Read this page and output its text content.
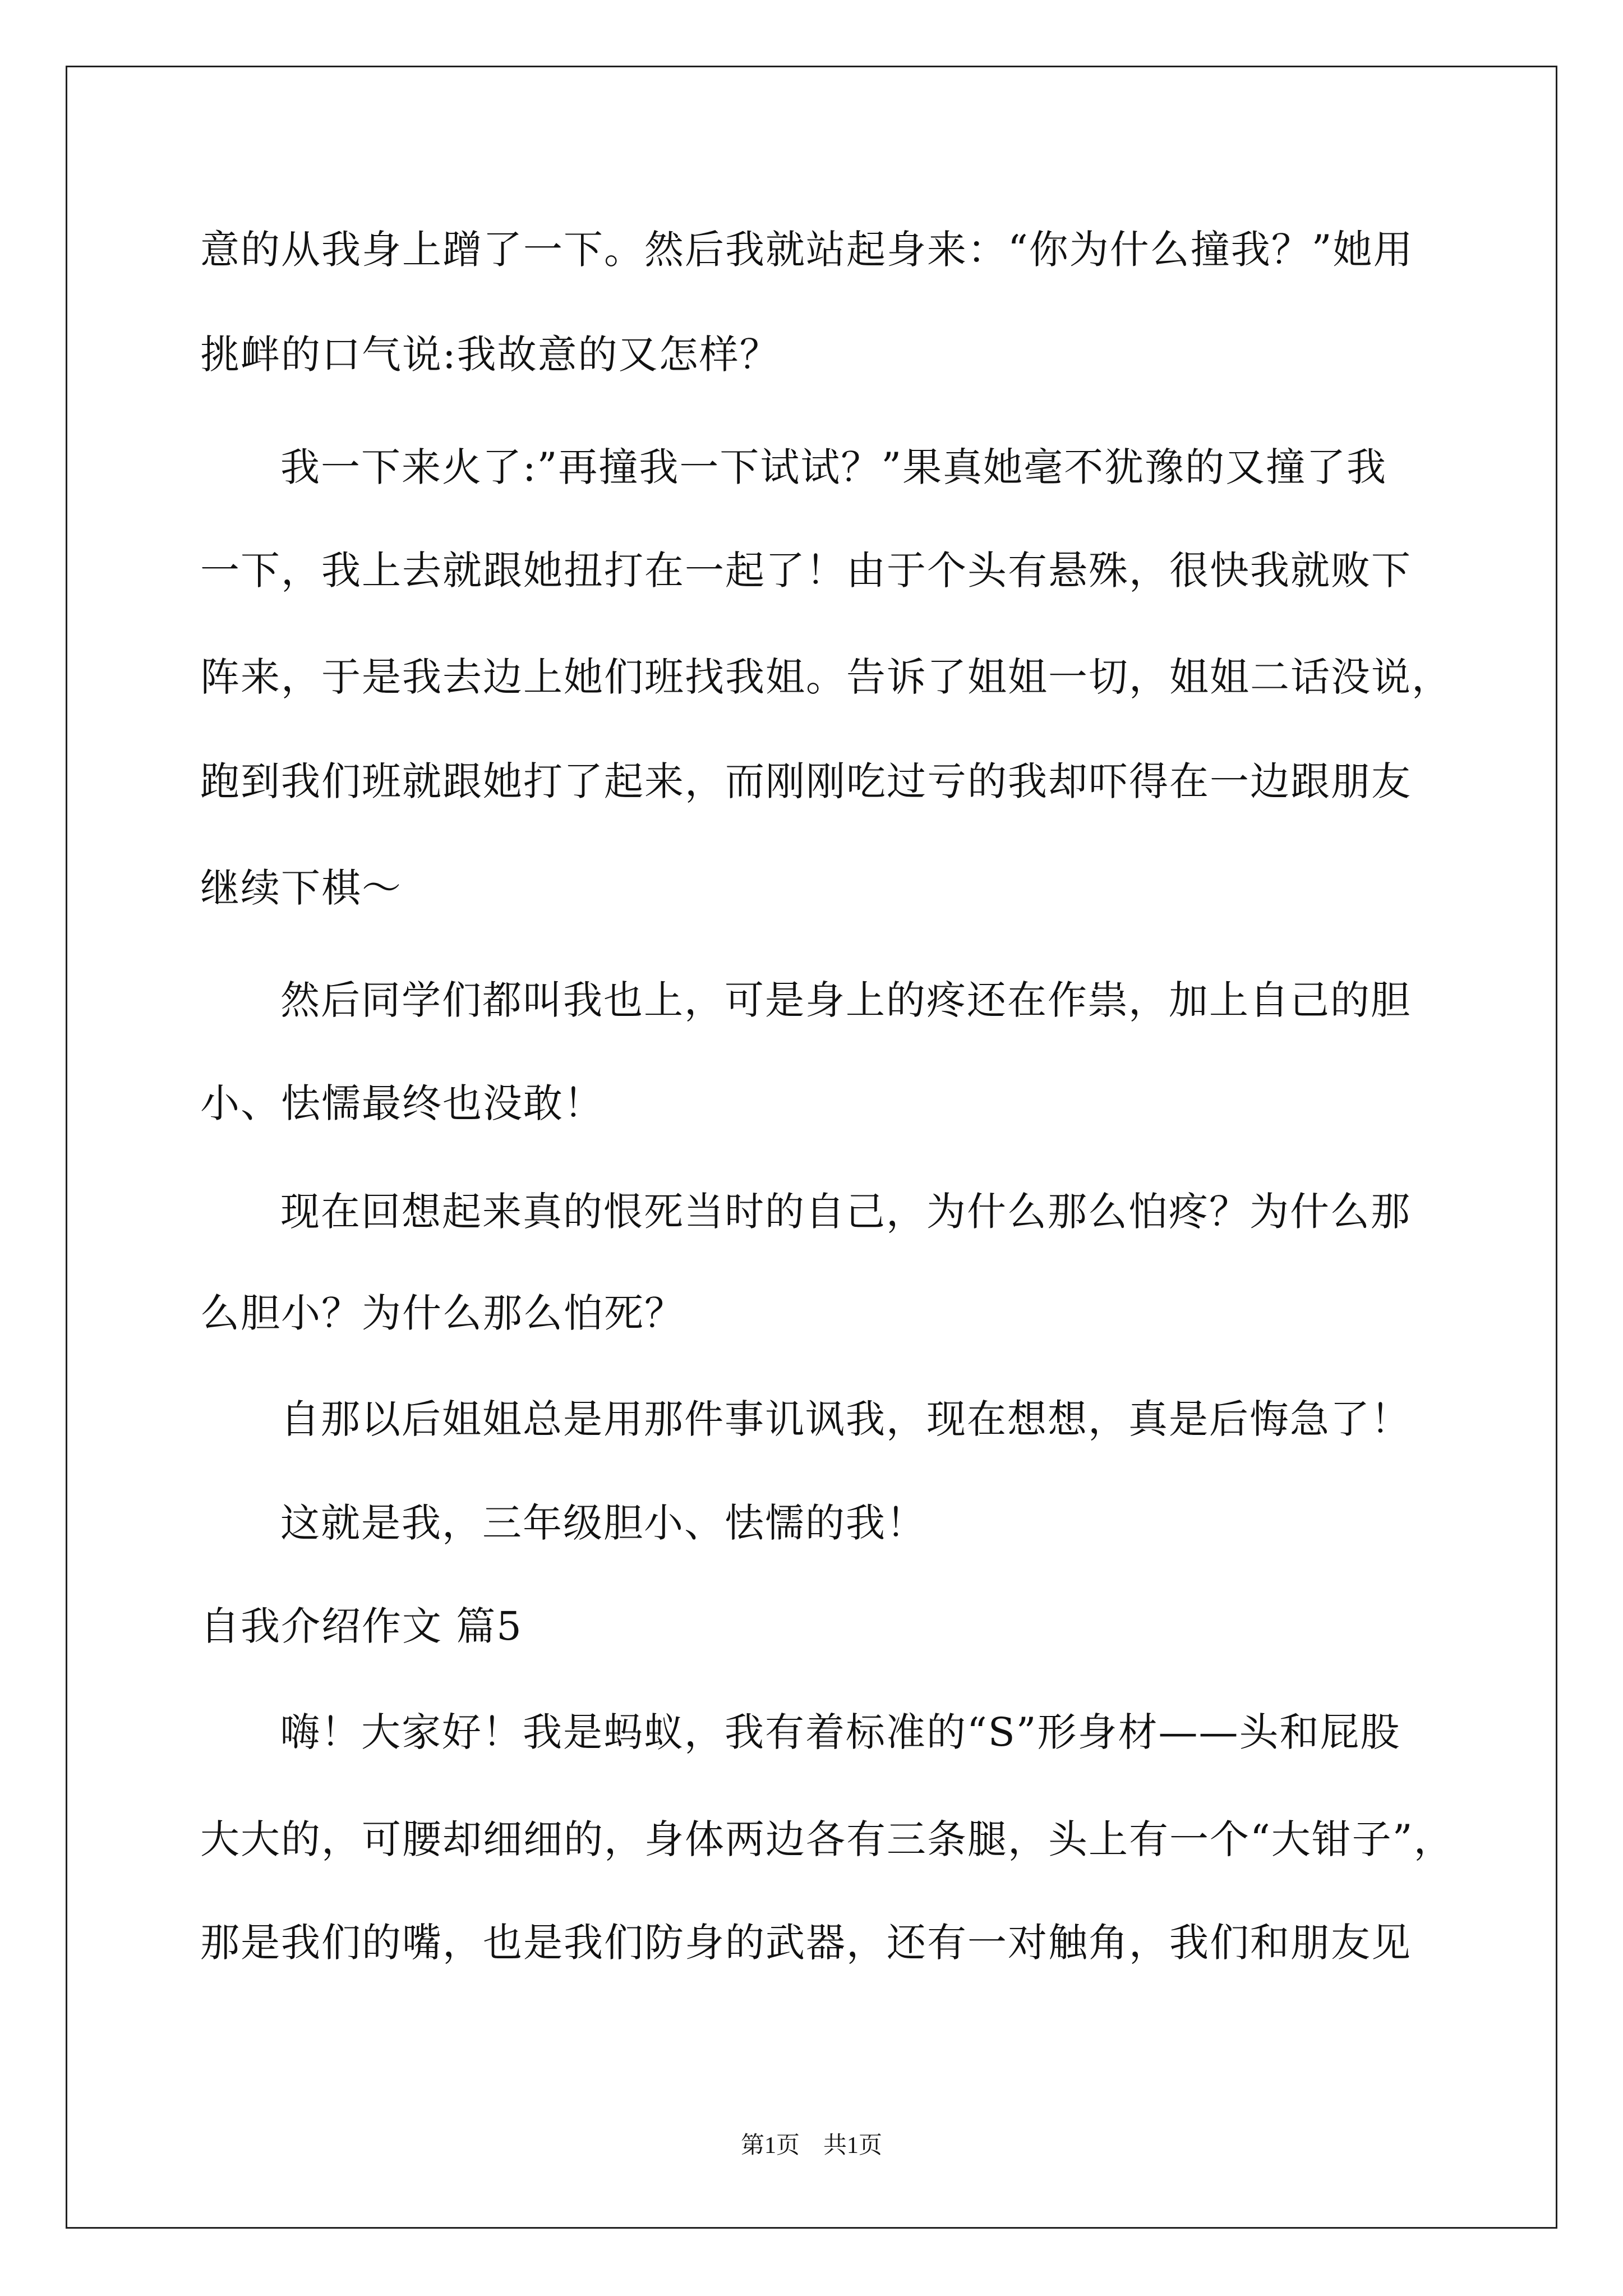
意的从我身上蹭了一下。然后我就站起身来：“你为什么撞我？”她用
挑衅的口气说:我故意的又怎样？
我一下来火了:”再撞我一下试试？”果真她毫不犹豫的又撞了我
一下，我上去就跟她扭打在一起了！由于个头有悬殊，很快我就败下
阵来，于是我去边上她们班找我姐。告诉了姐姐一切，姐姐二话没说，
跑到我们班就跟她打了起来，而刚刚吃过亏的我却吓得在一边跟朋友
继续下棋～
然后同学们都叫我也上，可是身上的疼还在作祟，加上自己的胆
小、怯懦最终也没敢！
现在回想起来真的恨死当时的自己，为什么那么怕疼？为什么那
么胆小？为什么那么怕死？
自那以后姐姐总是用那件事讥讽我，现在想想，真是后悔急了！
这就是我，三年级胆小、怯懦的我！
自我介绍作文 篇5
嗨！大家好！我是蚂蚁，我有着标准的“S”形身材——头和屁股
大大的，可腰却细细的，身体两边各有三条腿，头上有一个“大钳子”，
那是我们的嘴，也是我们防身的武器，还有一对触角，我们和朋友见
第1页　共1页
